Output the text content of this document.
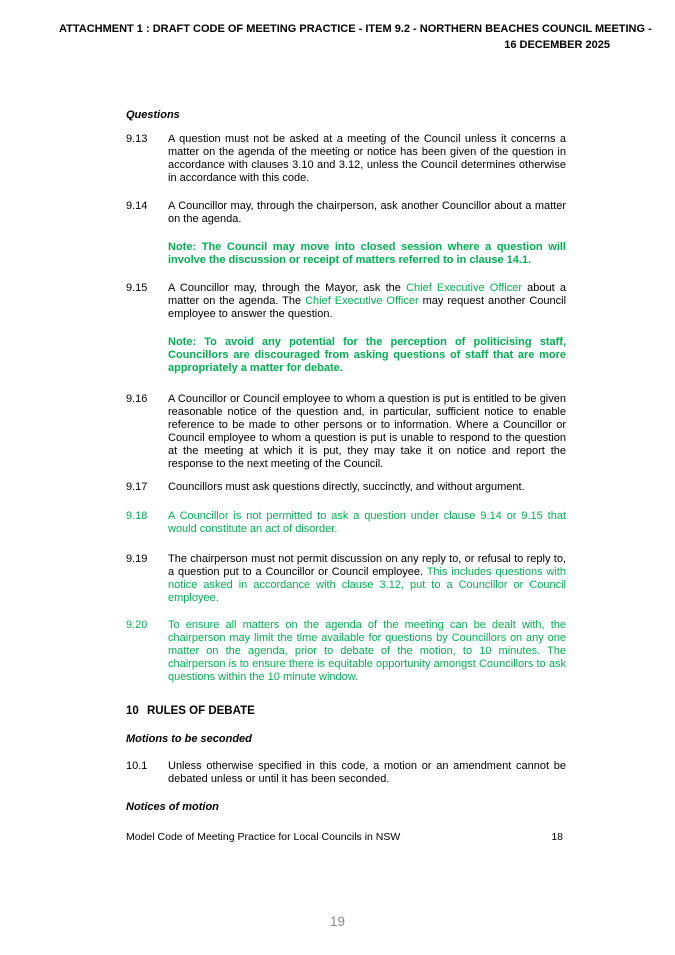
ATTACHMENT 1 : DRAFT CODE OF MEETING PRACTICE - ITEM 9.2 - NORTHERN BEACHES COUNCIL MEETING -
16 DECEMBER 2025
Questions
9.13	A question must not be asked at a meeting of the Council unless it concerns a matter on the agenda of the meeting or notice has been given of the question in accordance with clauses 3.10 and 3.12, unless the Council determines otherwise in accordance with this code.
9.14	A Councillor may, through the chairperson, ask another Councillor about a matter on the agenda.
Note: The Council may move into closed session where a question will involve the discussion or receipt of matters referred to in clause 14.1.
9.15	A Councillor may, through the Mayor, ask the Chief Executive Officer about a matter on the agenda. The Chief Executive Officer may request another Council employee to answer the question.
Note: To avoid any potential for the perception of politicising staff, Councillors are discouraged from asking questions of staff that are more appropriately a matter for debate.
9.16	A Councillor or Council employee to whom a question is put is entitled to be given reasonable notice of the question and, in particular, sufficient notice to enable reference to be made to other persons or to information. Where a Councillor or Council employee to whom a question is put is unable to respond to the question at the meeting at which it is put, they may take it on notice and report the response to the next meeting of the Council.
9.17	Councillors must ask questions directly, succinctly, and without argument.
9.18	A Councillor is not permitted to ask a question under clause 9.14 or 9.15 that would constitute an act of disorder.
9.19	The chairperson must not permit discussion on any reply to, or refusal to reply to, a question put to a Councillor or Council employee. This includes questions with notice asked in accordance with clause 3.12, put to a Councillor or Council employee.
9.20	To ensure all matters on the agenda of the meeting can be dealt with, the chairperson may limit the time available for questions by Councillors on any one matter on the agenda, prior to debate of the motion, to 10 minutes. The chairperson is to ensure there is equitable opportunity amongst Councillors to ask questions within the 10 minute window.
10 RULES OF DEBATE
Motions to be seconded
10.1	Unless otherwise specified in this code, a motion or an amendment cannot be debated unless or until it has been seconded.
Notices of motion
Model Code of Meeting Practice for Local Councils in NSW	18
19
